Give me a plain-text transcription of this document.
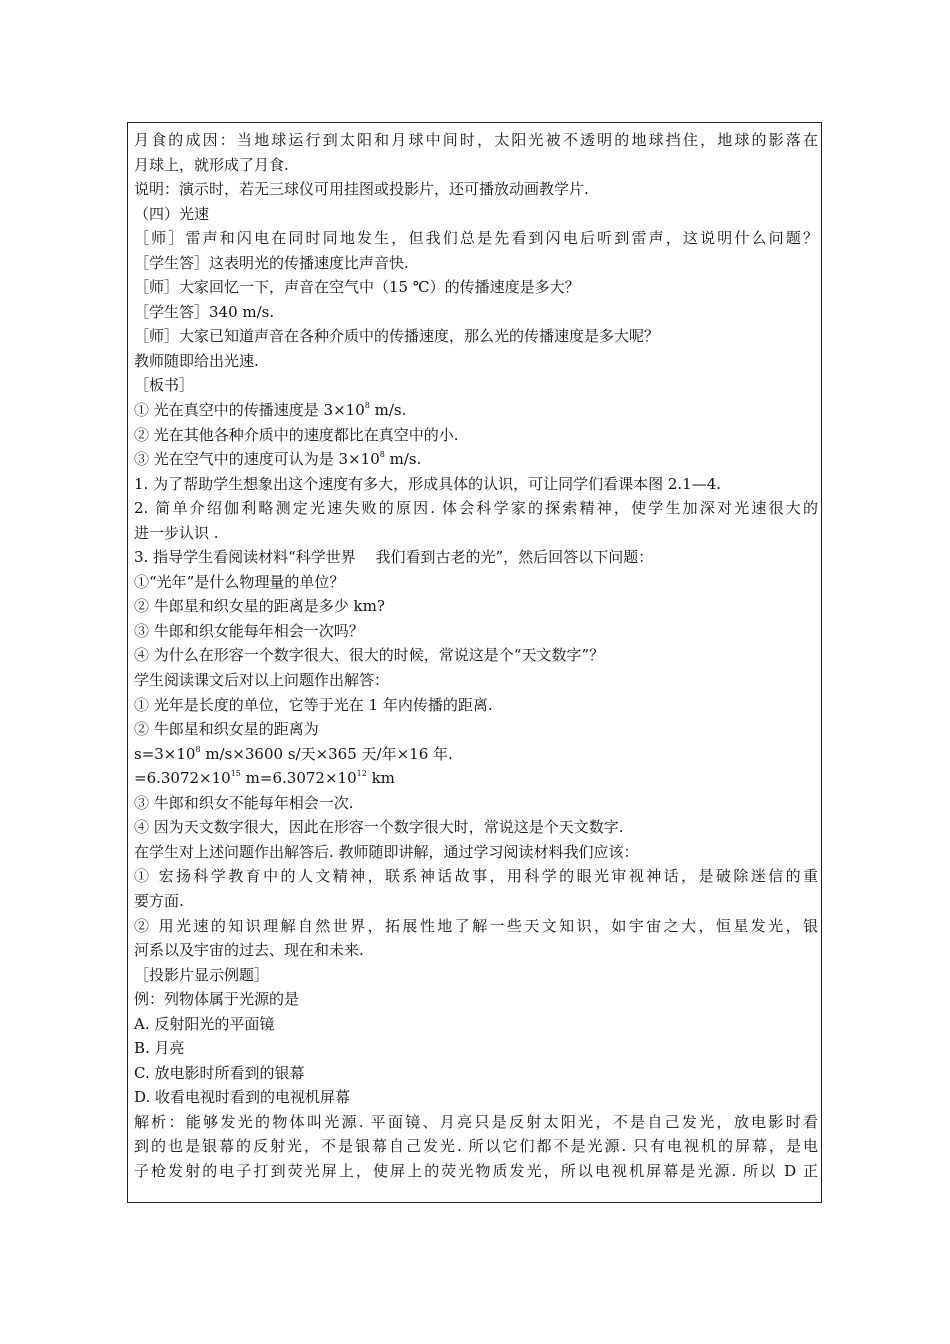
月食的成因：当地球运行到太阳和月球中间时，太阳光被不透明的地球挡住，地球的影落在
月球上，就形成了月食.
说明：演示时，若无三球仪可用挂图或投影片，还可播放动画教学片.
（四）光速
［师］雷声和闪电在同时同地发生，但我们总是先看到闪电后听到雷声，这说明什么问题？
［学生答］这表明光的传播速度比声音快.
［师］大家回忆一下，声音在空气中（15 ℃）的传播速度是多大？
［学生答］340 m/s.
［师］大家已知道声音在各种介质中的传播速度，那么光的传播速度是多大呢？
教师随即给出光速.
［板书］
① 光在真空中的传播速度是 $3\times 10^8$ m/s.
② 光在其他各种介质中的速度都比在真空中的小.
③ 光在空气中的速度可认为是 $3\times 10^8$ m/s.
1. 为了帮助学生想象出这个速度有多大，形成具体的认识，可让同学们看课本图 2.1—4.
2. 简单介绍伽利略测定光速失败的原因. 体会科学家的探索精神，使学生加深对光速很大的
进一步认识 .
3. 指导学生看阅读材料“科学世界　 我们看到古老的光”，然后回答以下问题：
①“光年”是什么物理量的单位？
② 牛郎星和织女星的距离是多少 km?
③ 牛郎和织女能每年相会一次吗？
④ 为什么在形容一个数字很大、很大的时候，常说这是个“天文数字”？
学生阅读课文后对以上问题作出解答：
① 光年是长度的单位，它等于光在 1 年内传播的距离.
② 牛郎星和织女星的距离为
$s=3\times 10^8$ m/s×3600 s/天×365 天/年×16 年.
$=6.3072\times 10^{15}$ $m=6.3072\times 10^{12}$ km
③ 牛郎和织女不能每年相会一次.
④ 因为天文数字很大，因此在形容一个数字很大时，常说这是个天文数字.
在学生对上述问题作出解答后. 教师随即讲解，通过学习阅读材料我们应该：
① 宏扬科学教育中的人文精神，联系神话故事，用科学的眼光审视神话，是破除迷信的重
要方面.
② 用光速的知识理解自然世界，拓展性地了解一些天文知识，如宇宙之大，恒星发光，银
河系以及宇宙的过去、现在和未来.
［投影片显示例题］
例：列物体属于光源的是
A. 反射阳光的平面镜
B. 月亮
C. 放电影时所看到的银幕
D. 收看电视时看到的电视机屏幕
解析：能够发光的物体叫光源. 平面镜、月亮只是反射太阳光，不是自己发光，放电影时看
到的也是银幕的反射光，不是银幕自己发光. 所以它们都不是光源. 只有电视机的屏幕，是电
子枪发射的电子打到荧光屏上，使屏上的荧光物质发光，所以电视机屏幕是光源. 所以 D 正
